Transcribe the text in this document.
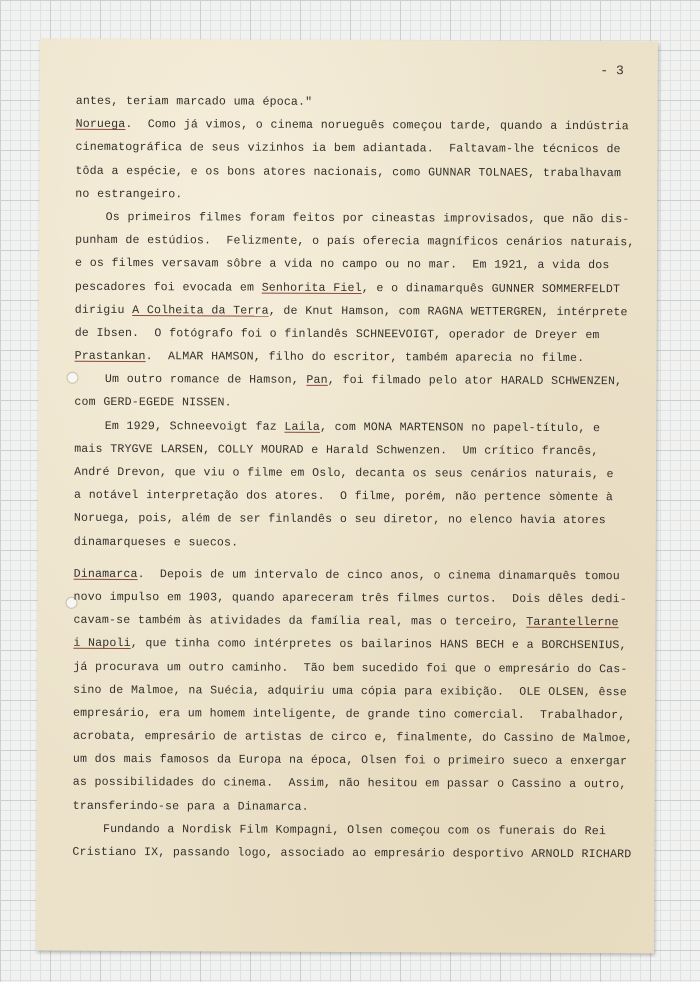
- 3
antes, teriam marcado uma época."
Noruega.  Como já vimos, o cinema norueguês começou tarde, quando a indústria
cinematográfica de seus vizinhos ia bem adiantada.  Faltavam-lhe técnicos de
tôda a espécie, e os bons atores nacionais, como GUNNAR TOLNAES, trabalhavam
no estrangeiro.
Os primeiros filmes foram feitos por cineastas improvisados, que não dis-
punham de estúdios.  Felizmente, o país oferecia magníficos cenários naturais,
e os filmes versavam sôbre a vida no campo ou no mar.  Em 1921, a vida dos
pescadores foi evocada em Senhorita Fiel, e o dinamarquês GUNNER SOMMERFELDT
dirigiu A Colheita da Terra, de Knut Hamson, com RAGNA WETTERGREN, intérprete
de Ibsen.  O fotógrafo foi o finlandês SCHNEEVOIGT, operador de Dreyer em
Prastankan.  ALMAR HAMSON, filho do escritor, também aparecia no filme.
Um outro romance de Hamson, Pan, foi filmado pelo ator HARALD SCHWENZEN,
com GERD-EGEDE NISSEN.
Em 1929, Schneevoigt faz Laila, com MONA MARTENSON no papel-título, e
mais TRYGVE LARSEN, COLLY MOURAD e Harald Schwenzen.  Um crítico francês,
André Drevon, que viu o filme em Oslo, decanta os seus cenários naturais, e
a notável interpretação dos atores.  O filme, porém, não pertence sòmente à
Noruega, pois, além de ser finlandês o seu diretor, no elenco havia atores
dinamarqueses e suecos.
Dinamarca.  Depois de um intervalo de cinco anos, o cinema dinamarquês tomou
novo impulso em 1903, quando apareceram três filmes curtos.  Dois dêles dedi-
cavam-se também às atividades da família real, mas o terceiro, Tarantellerne
i Napoli, que tinha como intérpretes os bailarinos HANS BECH e a BORCHSENIUS,
já procurava um outro caminho.  Tão bem sucedido foi que o empresário do Cas-
sino de Malmoe, na Suécia, adquiriu uma cópia para exibição.  OLE OLSEN, êsse
empresário, era um homem inteligente, de grande tino comercial.  Trabalhador,
acrobata, empresário de artistas de circo e, finalmente, do Cassino de Malmoe,
um dos mais famosos da Europa na época, Olsen foi o primeiro sueco a enxergar
as possibilidades do cinema.  Assim, não hesitou em passar o Cassino a outro,
transferindo-se para a Dinamarca.
Fundando a Nordisk Film Kompagni, Olsen começou com os funerais do Rei
Cristiano IX, passando logo, associado ao empresário desportivo ARNOLD RICHARD
